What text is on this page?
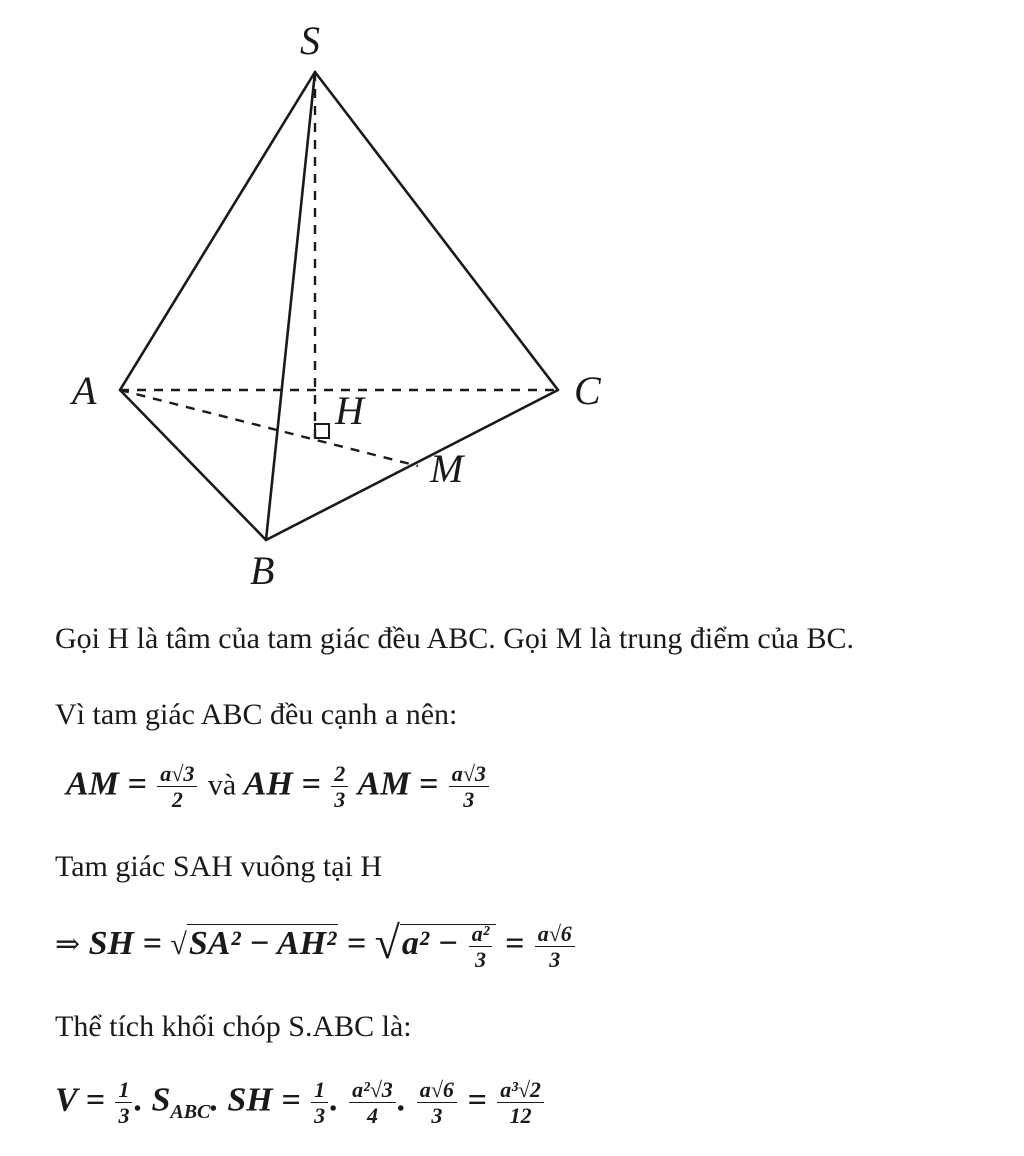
S
A
B
C
H
M
Gọi H là tâm của tam giác đều ABC. Gọi M là trung điểm của BC.
Vì tam giác ABC đều cạnh a nên:
AM = $\frac{a√3}{2}$ và AH = $\frac{2}{3}$ AM = $\frac{a√3}{3}$
Tam giác SAH vuông tại H
⇒ SH = $√SA^2 - AH^2 = √a^2 - \frac{\text{a²}}{3} = \frac{a√6}{3}$
Thể tích khối chóp S.ABC là:
$V = \frac{1}{3}$ . $S_{ABC}$. SH = $\frac{1}{3}$ . $\frac{\text{a²√3}}{4}$ . $\frac{a√6}{3} = \frac{\text{a³√2}}{12}$
